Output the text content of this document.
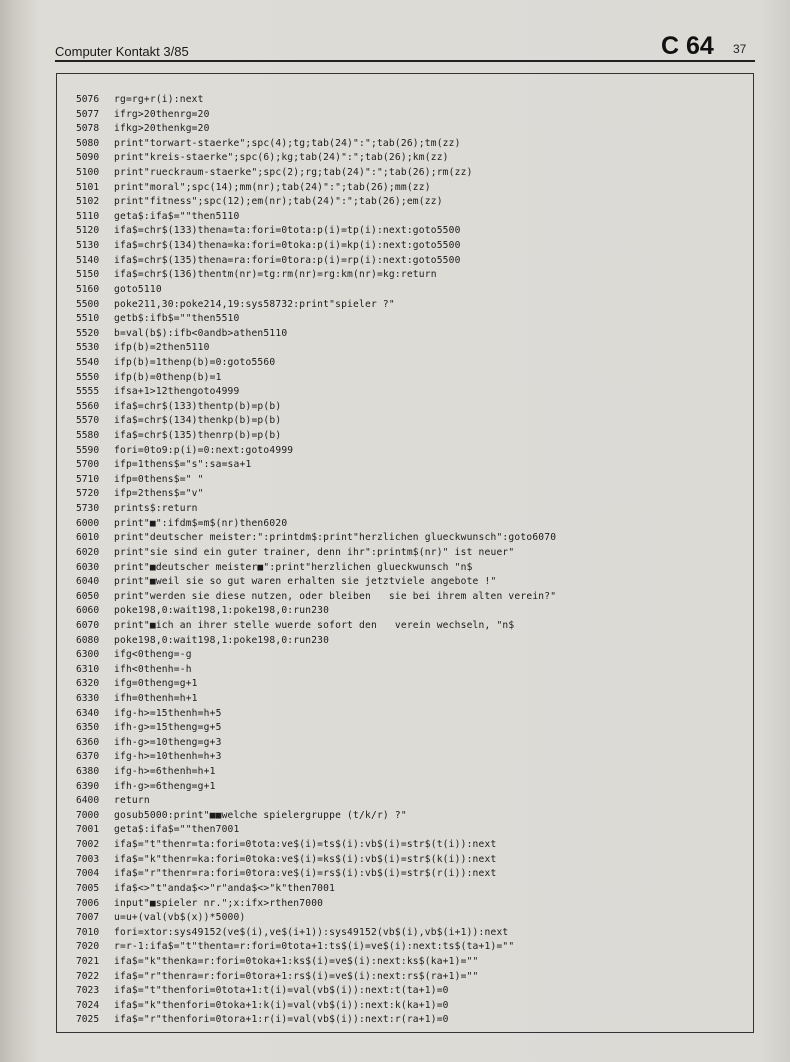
Computer Kontakt 3/85	C 64 37
5076 rg=rg+r(i):next
5077 ifrg>20thenrg=20
5078 ifkg>20thenkg=20
5080 print"torwart-staerke";spc(4);tg;tab(24)":";tab(26);tm(zz)
5090 print"kreis-staerke";spc(6);kg;tab(24)":";tab(26);km(zz)
5100 print"rueckraum-staerke";spc(2);rg;tab(24)":";tab(26);rm(zz)
5101 print"moral";spc(14);mm(nr);tab(24)":";tab(26);mm(zz)
5102 print"fitness";spc(12);em(nr);tab(24)":";tab(26);em(zz)
5110 geta$:ifa$=""then5110
5120 ifa$=chr$(133)thena=ta:fori=0tota:p(i)=tp(i):next:goto5500
5130 ifa$=chr$(134)thena=ka:fori=0toka:p(i)=kp(i):next:goto5500
5140 ifa$=chr$(135)thena=ra:fori=0tora:p(i)=rp(i):next:goto5500
5150 ifa$=chr$(136)thentm(nr)=tg:rm(nr)=rg:km(nr)=kg:return
5160 goto5110
5500 poke211,30:poke214,19:sys58732:print"spieler ?"
5510 getb$:ifb$=""then5510
5520 b=val(b$):ifb<0andb>athen5110
5530 ifp(b)=2then5110
5540 ifp(b)=1thenp(b)=0:goto5560
5550 ifp(b)=0thenp(b)=1
5555 ifsa+1>12thengoto4999
5560 ifa$=chr$(133)thentp(b)=p(b)
5570 ifa$=chr$(134)thenkp(b)=p(b)
5580 ifa$=chr$(135)thenrp(b)=p(b)
5590 fori=0to9:p(i)=0:next:goto4999
5700 ifp=1thens$="s":sa=sa+1
5710 ifp=0thens$=" "
5720 ifp=2thens$="v"
5730 prints$:return
6000 print"■":ifdm$=m$(nr)then6020
6010 print"deutscher meister:":printdm$:print"herzlichen glueckwunsch":goto6070
6020 print"sie sind ein guter trainer, denn ihr":printm$(nr)" ist neuer"
6030 print"■deutscher meister■":print"herzlichen glueckwunsch "n$
6040 print"■weil sie so gut waren erhalten sie jetztviele angebote !"
6050 print"werden sie diese nutzen, oder bleiben   sie bei ihrem alten verein?"
6060 poke198,0:wait198,1:poke198,0:run230
6070 print"■ich an ihrer stelle wuerde sofort den   verein wechseln, "n$
6080 poke198,0:wait198,1:poke198,0:run230
6300 ifg<0theng=-g
6310 ifh<0thenh=-h
6320 ifg=0theng=g+1
6330 ifh=0thenh=h+1
6340 ifg-h>=15thenh=h+5
6350 ifh-g>=15theng=g+5
6360 ifh-g>=10theng=g+3
6370 ifg-h>=10thenh=h+3
6380 ifg-h>=6thenh=h+1
6390 ifh-g>=6theng=g+1
6400 return
7000 gosub5000:print"■■welche spielergruppe (t/k/r) ?"
7001 geta$:ifa$=""then7001
7002 ifa$="t"thenr=ta:fori=0tota:ve$(i)=ts$(i):vb$(i)=str$(t(i)):next
7003 ifa$="k"thenr=ka:fori=0toka:ve$(i)=ks$(i):vb$(i)=str$(k(i)):next
7004 ifa$="r"thenr=ra:fori=0tora:ve$(i)=rs$(i):vb$(i)=str$(r(i)):next
7005 ifa$<>"t"anda$<>"r"anda$<>"k"then7001
7006 input"■spieler nr.";x:ifx>rthen7000
7007 u=u+(val(vb$(x))*5000)
7010 fori=xtor:sys49152(ve$(i),ve$(i+1)):sys49152(vb$(i),vb$(i+1)):next
7020 r=r-1:ifa$="t"thenta=r:fori=0tota+1:ts$(i)=ve$(i):next:ts$(ta+1)=""
7021 ifa$="k"thenka=r:fori=0toka+1:ks$(i)=ve$(i):next:ks$(ka+1)=""
7022 ifa$="r"thenra=r:fori=0tora+1:rs$(i)=ve$(i):next:rs$(ra+1)=""
7023 ifa$="t"thenfori=0tota+1:t(i)=val(vb$(i)):next:t(ta+1)=0
7024 ifa$="k"thenfori=0toka+1:k(i)=val(vb$(i)):next:k(ka+1)=0
7025 ifa$="r"thenfori=0tora+1:r(i)=val(vb$(i)):next:r(ra+1)=0
